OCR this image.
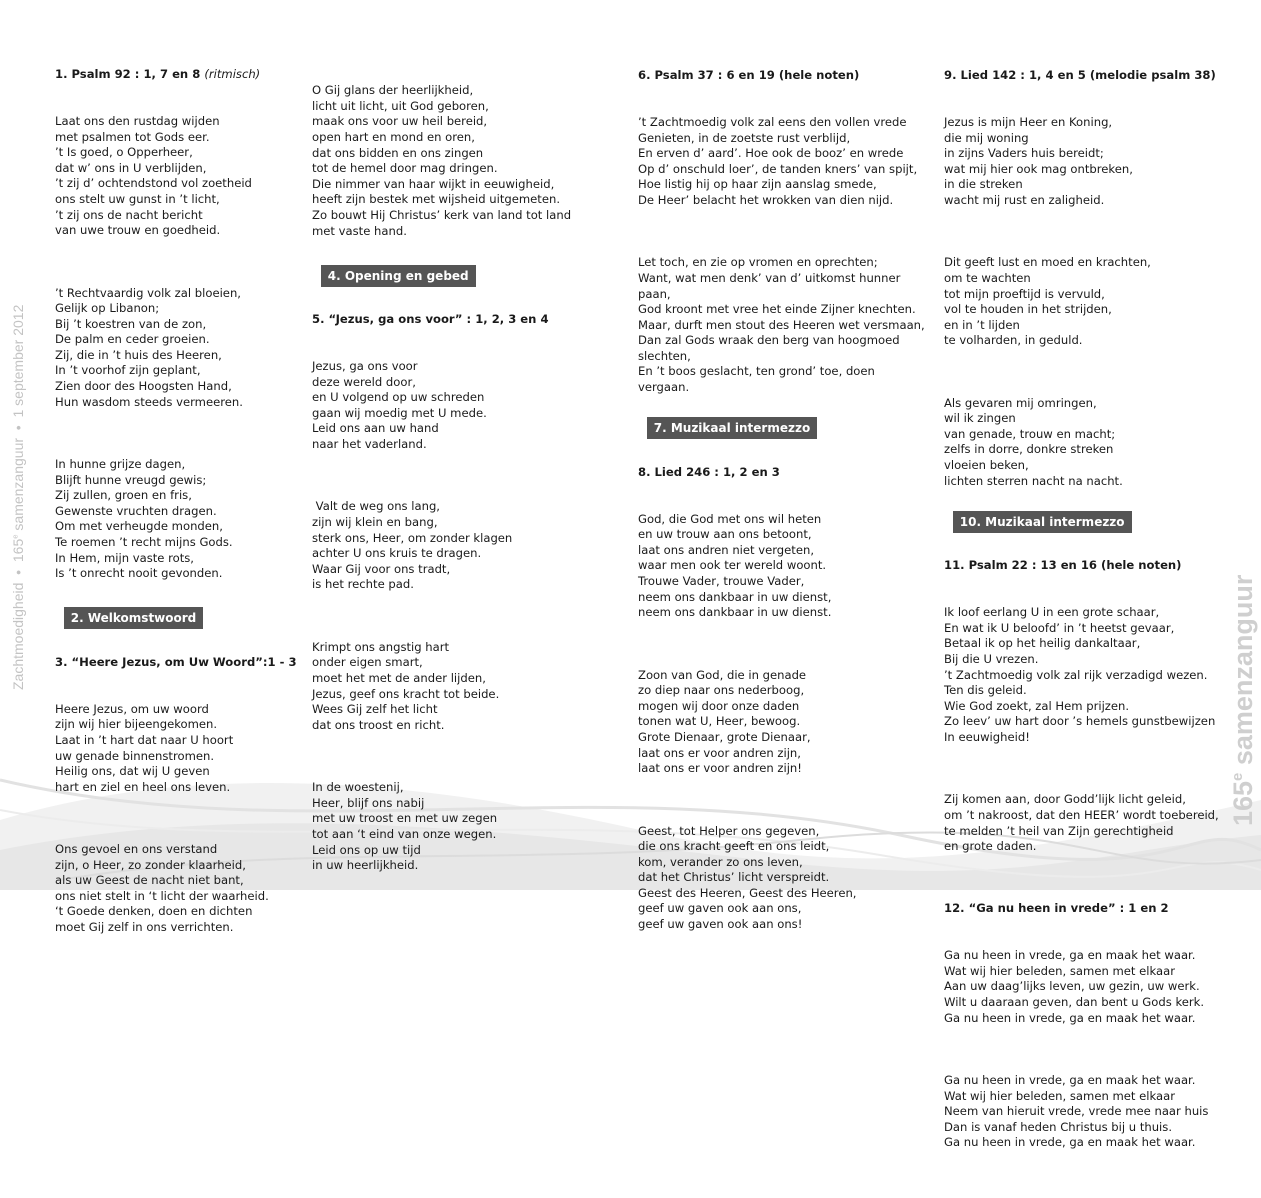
Zachtmoedigheid  •  165e samenzanguur  •  1 september 2012
165e samenzanguur

1. Psalm 92 : 1, 7 en 8 (ritmisch)

Laat ons den rustdag wijden
met psalmen tot Gods eer.
’t Is goed, o Opperheer,
dat w’ ons in U verblijden,
’t zij d’ ochtendstond vol zoetheid
ons stelt uw gunst in ’t licht,
’t zij ons de nacht bericht
van uwe trouw en goedheid.

’t Rechtvaardig volk zal bloeien,
Gelijk op Libanon;
Bij ’t koestren van de zon,
De palm en ceder groeien.
Zij, die in ’t huis des Heeren,
In ’t voorhof zijn geplant,
Zien door des Hoogsten Hand,
Hun wasdom steeds vermeeren.

In hunne grijze dagen,
Blijft hunne vreugd gewis;
Zij zullen, groen en fris,
Gewenste vruchten dragen.
Om met verheugde monden,
Te roemen ’t recht mijns Gods.
In Hem, mijn vaste rots,
Is ’t onrecht nooit gevonden.

2. Welkomstwoord

3. “Heere Jezus, om Uw Woord”:1 - 3

Heere Jezus, om uw woord
zijn wij hier bijeengekomen.
Laat in ’t hart dat naar U hoort
uw genade binnenstromen.
Heilig ons, dat wij U geven
hart en ziel en heel ons leven.

Ons gevoel en ons verstand
zijn, o Heer, zo zonder klaarheid,
als uw Geest de nacht niet bant,
ons niet stelt in ‘t licht der waarheid.
‘t Goede denken, doen en dichten
moet Gij zelf in ons verrichten.

O Gij glans der heerlijkheid,
licht uit licht, uit God geboren,
maak ons voor uw heil bereid,
open hart en mond en oren,
dat ons bidden en ons zingen
tot de hemel door mag dringen.
Die nimmer van haar wijkt in eeuwigheid,
heeft zijn bestek met wijsheid uitgemeten.
Zo bouwt Hij Christus’ kerk van land tot land
met vaste hand.

4. Opening en gebed

5. “Jezus, ga ons voor” : 1, 2, 3 en 4

Jezus, ga ons voor
deze wereld door,
en U volgend op uw schreden
gaan wij moedig met U mede.
Leid ons aan uw hand
naar het vaderland.

Valt de weg ons lang,
zijn wij klein en bang,
sterk ons, Heer, om zonder klagen
achter U ons kruis te dragen.
Waar Gij voor ons tradt,
is het rechte pad.

Krimpt ons angstig hart
onder eigen smart,
moet het met de ander lijden,
Jezus, geef ons kracht tot beide.
Wees Gij zelf het licht
dat ons troost en richt.

In de woestenij,
Heer, blijf ons nabij
met uw troost en met uw zegen
tot aan ‘t eind van onze wegen.
Leid ons op uw tijd
in uw heerlijkheid.

6. Psalm 37 : 6 en 19 (hele noten)

’t Zachtmoedig volk zal eens den vollen vrede
Genieten, in de zoetste rust verblijd,
En erven d’ aard’. Hoe ook de booz’ en wrede
Op d’ onschuld loer’, de tanden kners’ van spijt,
Hoe listig hij op haar zijn aanslag smede,
De Heer’ belacht het wrokken van dien nijd.

Let toch, en zie op vromen en oprechten;
Want, wat men denk’ van d’ uitkomst hunner
paan,
God kroont met vree het einde Zijner knechten.
Maar, durft men stout des Heeren wet versmaan,
Dan zal Gods wraak den berg van hoogmoed
slechten,
En ’t boos geslacht, ten grond’ toe, doen
vergaan.

7. Muzikaal intermezzo

8. Lied 246 : 1, 2 en 3

God, die God met ons wil heten
en uw trouw aan ons betoont,
laat ons andren niet vergeten,
waar men ook ter wereld woont.
Trouwe Vader, trouwe Vader,
neem ons dankbaar in uw dienst,
neem ons dankbaar in uw dienst.

Zoon van God, die in genade
zo diep naar ons nederboog,
mogen wij door onze daden
tonen wat U, Heer, bewoog.
Grote Dienaar, grote Dienaar,
laat ons er voor andren zijn,
laat ons er voor andren zijn!

Geest, tot Helper ons gegeven,
die ons kracht geeft en ons leidt,
kom, verander zo ons leven,
dat het Christus’ licht verspreidt.
Geest des Heeren, Geest des Heeren,
geef uw gaven ook aan ons,
geef uw gaven ook aan ons!

9. Lied 142 : 1, 4 en 5 (melodie psalm 38)

Jezus is mijn Heer en Koning,
die mij woning
in zijns Vaders huis bereidt;
wat mij hier ook mag ontbreken,
in die streken
wacht mij rust en zaligheid.

Dit geeft lust en moed en krachten,
om te wachten
tot mijn proeftijd is vervuld,
vol te houden in het strijden,
en in ’t lijden
te volharden, in geduld.

Als gevaren mij omringen,
wil ik zingen
van genade, trouw en macht;
zelfs in dorre, donkre streken
vloeien beken,
lichten sterren nacht na nacht.

10. Muzikaal intermezzo

11. Psalm 22 : 13 en 16 (hele noten)

Ik loof eerlang U in een grote schaar,
En wat ik U beloofd’ in ’t heetst gevaar,
Betaal ik op het heilig dankaltaar,
Bij die U vrezen.
’t Zachtmoedig volk zal rijk verzadigd wezen.
Ten dis geleid.
Wie God zoekt, zal Hem prijzen.
Zo leev’ uw hart door ’s hemels gunstbewijzen
In eeuwigheid!

Zij komen aan, door Godd’lijk licht geleid,
om ’t nakroost, dat den HEER’ wordt toebereid,
te melden ’t heil van Zijn gerechtigheid
en grote daden.

12. “Ga nu heen in vrede” : 1 en 2

Ga nu heen in vrede, ga en maak het waar.
Wat wij hier beleden, samen met elkaar
Aan uw daag’lijks leven, uw gezin, uw werk.
Wilt u daaraan geven, dan bent u Gods kerk.
Ga nu heen in vrede, ga en maak het waar.

Ga nu heen in vrede, ga en maak het waar.
Wat wij hier beleden, samen met elkaar
Neem van hieruit vrede, vrede mee naar huis
Dan is vanaf heden Christus bij u thuis.
Ga nu heen in vrede, ga en maak het waar.
